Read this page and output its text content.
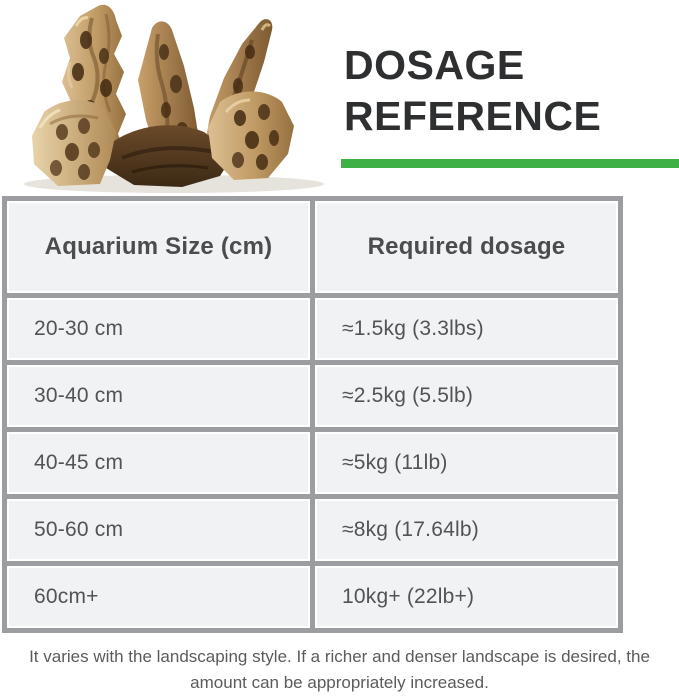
DOSAGE
REFERENCE
Aquarium Size (cm)	Required dosage
20-30 cm	≈1.5kg (3.3lbs)
30-40 cm	≈2.5kg (5.5lb)
40-45 cm	≈5kg (11lb)
50-60 cm	≈8kg (17.64lb)
60cm+	10kg+ (22lb+)
It varies with the landscaping style. If a richer and denser landscape is desired, the amount can be appropriately increased.
